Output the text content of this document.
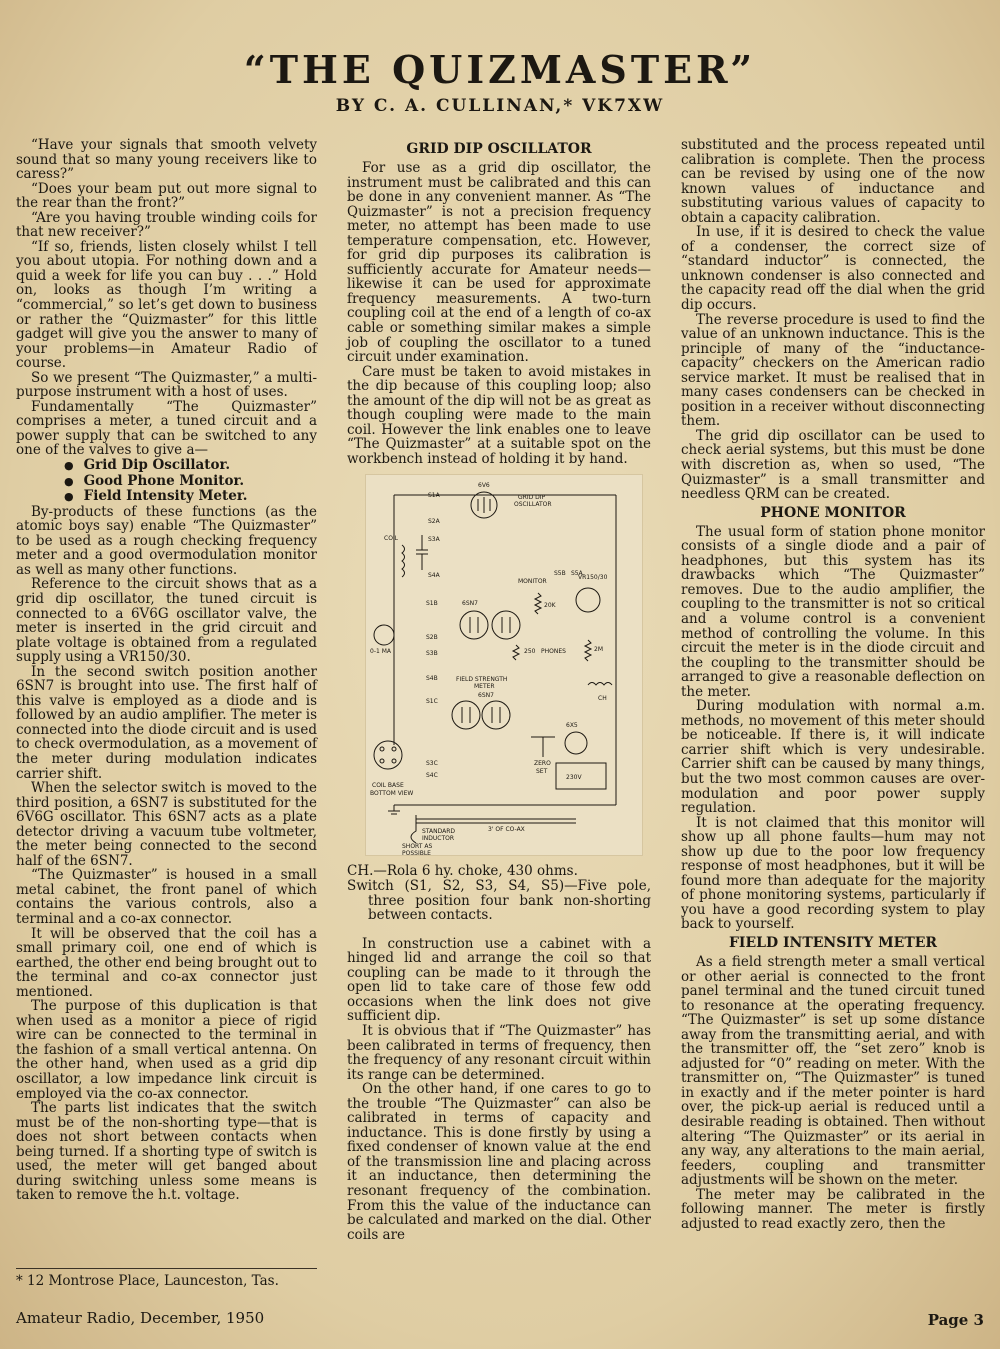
“THE QUIZMASTER”
BY C. A. CULLINAN,* VK7XW

“Have your signals that smooth velvety sound that so many young receivers like to caress?”

“Does your beam put out more signal to the rear than the front?”

“Are you having trouble winding coils for that new receiver?”

“If so, friends, listen closely whilst I tell you about utopia. For nothing down and a quid a week for life you can buy . . .” Hold on, looks as though I’m writing a “commercial,” so let’s get down to business or rather the “Quizmaster” for this little gadget will give you the answer to many of your problems—in Amateur Radio of course.

So we present “The Quizmaster,” a multi-purpose instrument with a host of uses.

Fundamentally “The Quizmaster” comprises a meter, a tuned circuit and a power supply that can be switched to any one of the valves to give a—

● Grid Dip Oscillator.
● Good Phone Monitor.
● Field Intensity Meter.

By-products of these functions (as the atomic boys say) enable “The Quizmaster” to be used as a rough checking frequency meter and a good overmodulation monitor as well as many other functions.

Reference to the circuit shows that as a grid dip oscillator, the tuned circuit is connected to a 6V6G oscillator valve, the meter is inserted in the grid circuit and plate voltage is obtained from a regulated supply using a VR150/30.

In the second switch position another 6SN7 is brought into use. The first half of this valve is employed as a diode and is followed by an audio amplifier. The meter is connected into the diode circuit and is used to check overmodulation, as a movement of the meter during modulation indicates carrier shift.

When the selector switch is moved to the third position, a 6SN7 is substituted for the 6V6G oscillator. This 6SN7 acts as a plate detector driving a vacuum tube voltmeter, the meter being connected to the second half of the 6SN7.

“The Quizmaster” is housed in a small metal cabinet, the front panel of which contains the various controls, also a terminal and a co-ax connector.

It will be observed that the coil has a small primary coil, one end of which is earthed, the other end being brought out to the terminal and co-ax connector just mentioned.

The purpose of this duplication is that when used as a monitor a piece of rigid wire can be connected to the terminal in the fashion of a small vertical antenna. On the other hand, when used as a grid dip oscillator, a low impedance link circuit is employed via the co-ax connector.

The parts list indicates that the switch must be of the non-shorting type—that is does not short between contacts when being turned. If a shorting type of switch is used, the meter will get banged about during switching unless some means is taken to remove the h.t. voltage.

* 12 Montrose Place, Launceston, Tas.
GRID DIP OSCILLATOR

For use as a grid dip oscillator, the instrument must be calibrated and this can be done in any convenient manner. As “The Quizmaster” is not a precision frequency meter, no attempt has been made to use temperature compensation, etc. However, for grid dip purposes its calibration is sufficiently accurate for Amateur needs—likewise it can be used for approximate frequency measurements. A two-turn coupling coil at the end of a length of co-ax cable or something similar makes a simple job of coupling the oscillator to a tuned circuit under examination.

Care must be taken to avoid mistakes in the dip because of this coupling loop; also the amount of the dip will not be as great as though coupling were made to the main coil. However the link enables one to leave “The Quizmaster” at a suitable spot on the workbench instead of holding it by hand.

6V6
GRID DIP
OSCILLATOR
S1A
S2A
S3A
S4A
COIL
0-1 MA
MONITOR
6SN7
S1B
S2B
S3B
S4B
S5B S5A
20K
250 PHONES
VR150/30
2M
FIELD STRENGTH
METER
6SN7
S1C
S3C
S4C
ZERO
SET
COIL BASE
BOTTOM VIEW
6X5
230V
CH
3' OF CO-AX
STANDARD
INDUCTOR
SHORT AS
POSSIBLE

CH.—Rola 6 hy. choke, 430 ohms.

Switch (S1, S2, S3, S4, S5)—Five pole, three position four bank non-shorting between contacts.

In construction use a cabinet with a hinged lid and arrange the coil so that coupling can be made to it through the open lid to take care of those few odd occasions when the link does not give sufficient dip.

It is obvious that if “The Quizmaster” has been calibrated in terms of frequency, then the frequency of any resonant circuit within its range can be determined.

On the other hand, if one cares to go to the trouble “The Quizmaster” can also be calibrated in terms of capacity and inductance. This is done firstly by using a fixed condenser of known value at the end of the transmission line and placing across it an inductance, then determining the resonant frequency of the combination. From this the value of the inductance can be calculated and marked on the dial. Other coils are

substituted and the process repeated until calibration is complete. Then the process can be revised by using one of the now known values of inductance and substituting various values of capacity to obtain a capacity calibration.

In use, if it is desired to check the value of a condenser, the correct size of “standard inductor” is connected, the unknown condenser is also connected and the capacity read off the dial when the grid dip occurs.

The reverse procedure is used to find the value of an unknown inductance. This is the principle of many of the “inductance-capacity” checkers on the American radio service market. It must be realised that in many cases condensers can be checked in position in a receiver without disconnecting them.

The grid dip oscillator can be used to check aerial systems, but this must be done with discretion as, when so used, “The Quizmaster” is a small transmitter and needless QRM can be created.

PHONE MONITOR

The usual form of station phone monitor consists of a single diode and a pair of headphones, but this system has its drawbacks which “The Quizmaster” removes. Due to the audio amplifier, the coupling to the transmitter is not so critical and a volume control is a convenient method of controlling the volume. In this circuit the meter is in the diode circuit and the coupling to the transmitter should be arranged to give a reasonable deflection on the meter.

During modulation with normal a.m. methods, no movement of this meter should be noticeable. If there is, it will indicate carrier shift which is very undesirable. Carrier shift can be caused by many things, but the two most common causes are over-modulation and poor power supply regulation.

It is not claimed that this monitor will show up all phone faults—hum may not show up due to the poor low frequency response of most headphones, but it will be found more than adequate for the majority of phone monitoring systems, particularly if you have a good recording system to play back to yourself.

FIELD INTENSITY METER

As a field strength meter a small vertical or other aerial is connected to the front panel terminal and the tuned circuit tuned to resonance at the operating frequency. “The Quizmaster” is set up some distance away from the transmitting aerial, and with the transmitter off, the “set zero” knob is adjusted for “0” reading on meter. With the transmitter on, “The Quizmaster” is tuned in exactly and if the meter pointer is hard over, the pick-up aerial is reduced until a desirable reading is obtained. Then without altering “The Quizmaster” or its aerial in any way, any alterations to the main aerial, feeders, coupling and transmitter adjustments will be shown on the meter.

The meter may be calibrated in the following manner. The meter is firstly adjusted to read exactly zero, then the

Amateur Radio, December, 1950	Page 3
